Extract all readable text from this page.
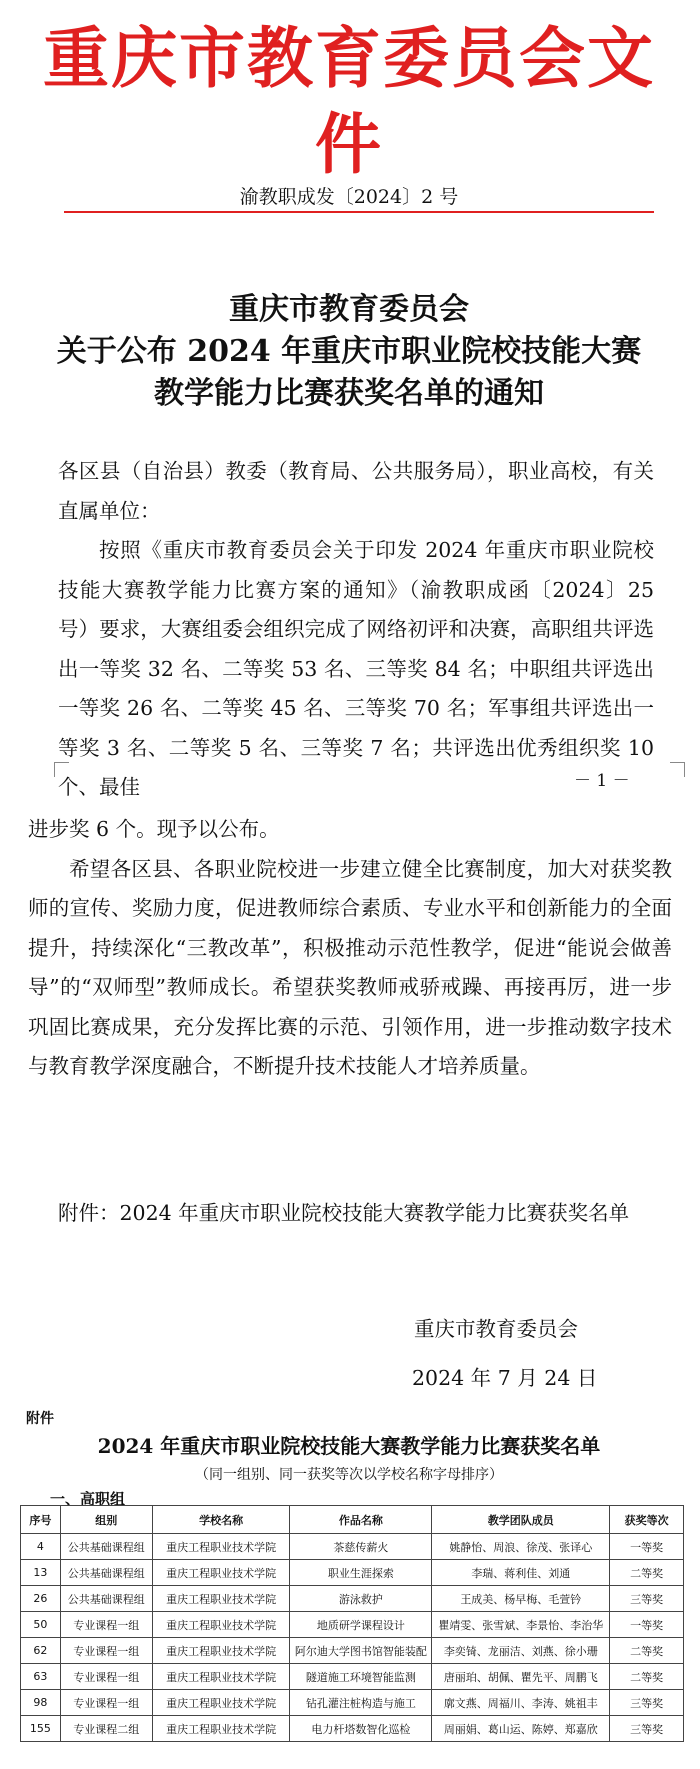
重庆市教育委员会文件
渝教职成发〔2024〕2 号
重庆市教育委员会
关于公布 2024 年重庆市职业院校技能大赛
教学能力比赛获奖名单的通知

各区县（自治县）教委（教育局、公共服务局），职业高校，有关直属单位：

按照《重庆市教育委员会关于印发 2024 年重庆市职业院校技能大赛教学能力比赛方案的通知》（渝教职成函〔2024〕25 号）要求，大赛组委会组织完成了网络初评和决赛，高职组共评选出一等奖 32 名、二等奖 53 名、三等奖 84 名；中职组共评选出一等奖 26 名、二等奖 45 名、三等奖 70 名；军事组共评选出一等奖 3 名、二等奖 5 名、三等奖 7 名；共评选出优秀组织奖 10 个、最佳	－ 1 －

进步奖 6 个。现予以公布。

希望各区县、各职业院校进一步建立健全比赛制度，加大对获奖教师的宣传、奖励力度，促进教师综合素质、专业水平和创新能力的全面提升，持续深化“三教改革”，积极推动示范性教学，促进“能说会做善导”的“双师型”教师成长。希望获奖教师戒骄戒躁、再接再厉，进一步巩固比赛成果，充分发挥比赛的示范、引领作用，进一步推动数字技术与教育教学深度融合，不断提升技术技能人才培养质量。

附件：2024 年重庆市职业院校技能大赛教学能力比赛获奖名单
重庆市教育委员会
2024 年 7 月 24 日
附件
2024 年重庆市职业院校技能大赛教学能力比赛获奖名单
（同一组别、同一获奖等次以学校名称字母排序）
一、高职组
序号	组别	学校名称	作品名称	教学团队成员	获奖等次
4	公共基础课程组	重庆工程职业技术学院	茶慈传薪火	姚静怡、周浪、徐茂、张译心	一等奖
13	公共基础课程组	重庆工程职业技术学院	职业生涯探索	李瑞、蒋利佳、刘通	二等奖
26	公共基础课程组	重庆工程职业技术学院	游泳救护	王成美、杨早梅、毛萱钤	三等奖
50	专业课程一组	重庆工程职业技术学院	地质研学课程设计	瞿靖雯、张雪斌、李景怡、李治华	一等奖
62	专业课程一组	重庆工程职业技术学院	阿尔迪大学图书馆智能装配	李奕锜、龙丽洁、刘燕、徐小珊	二等奖
63	专业课程一组	重庆工程职业技术学院	隧道施工环境智能监测	唐丽珀、胡佩、瞿先平、周鹏飞	二等奖
98	专业课程一组	重庆工程职业技术学院	钻孔灌注桩构造与施工	廓文燕、周福川、李涛、姚祖丰	三等奖
155	专业课程二组	重庆工程职业技术学院	电力杆塔数智化巡检	周丽娟、葛山运、陈婷、郑嘉欣	三等奖
